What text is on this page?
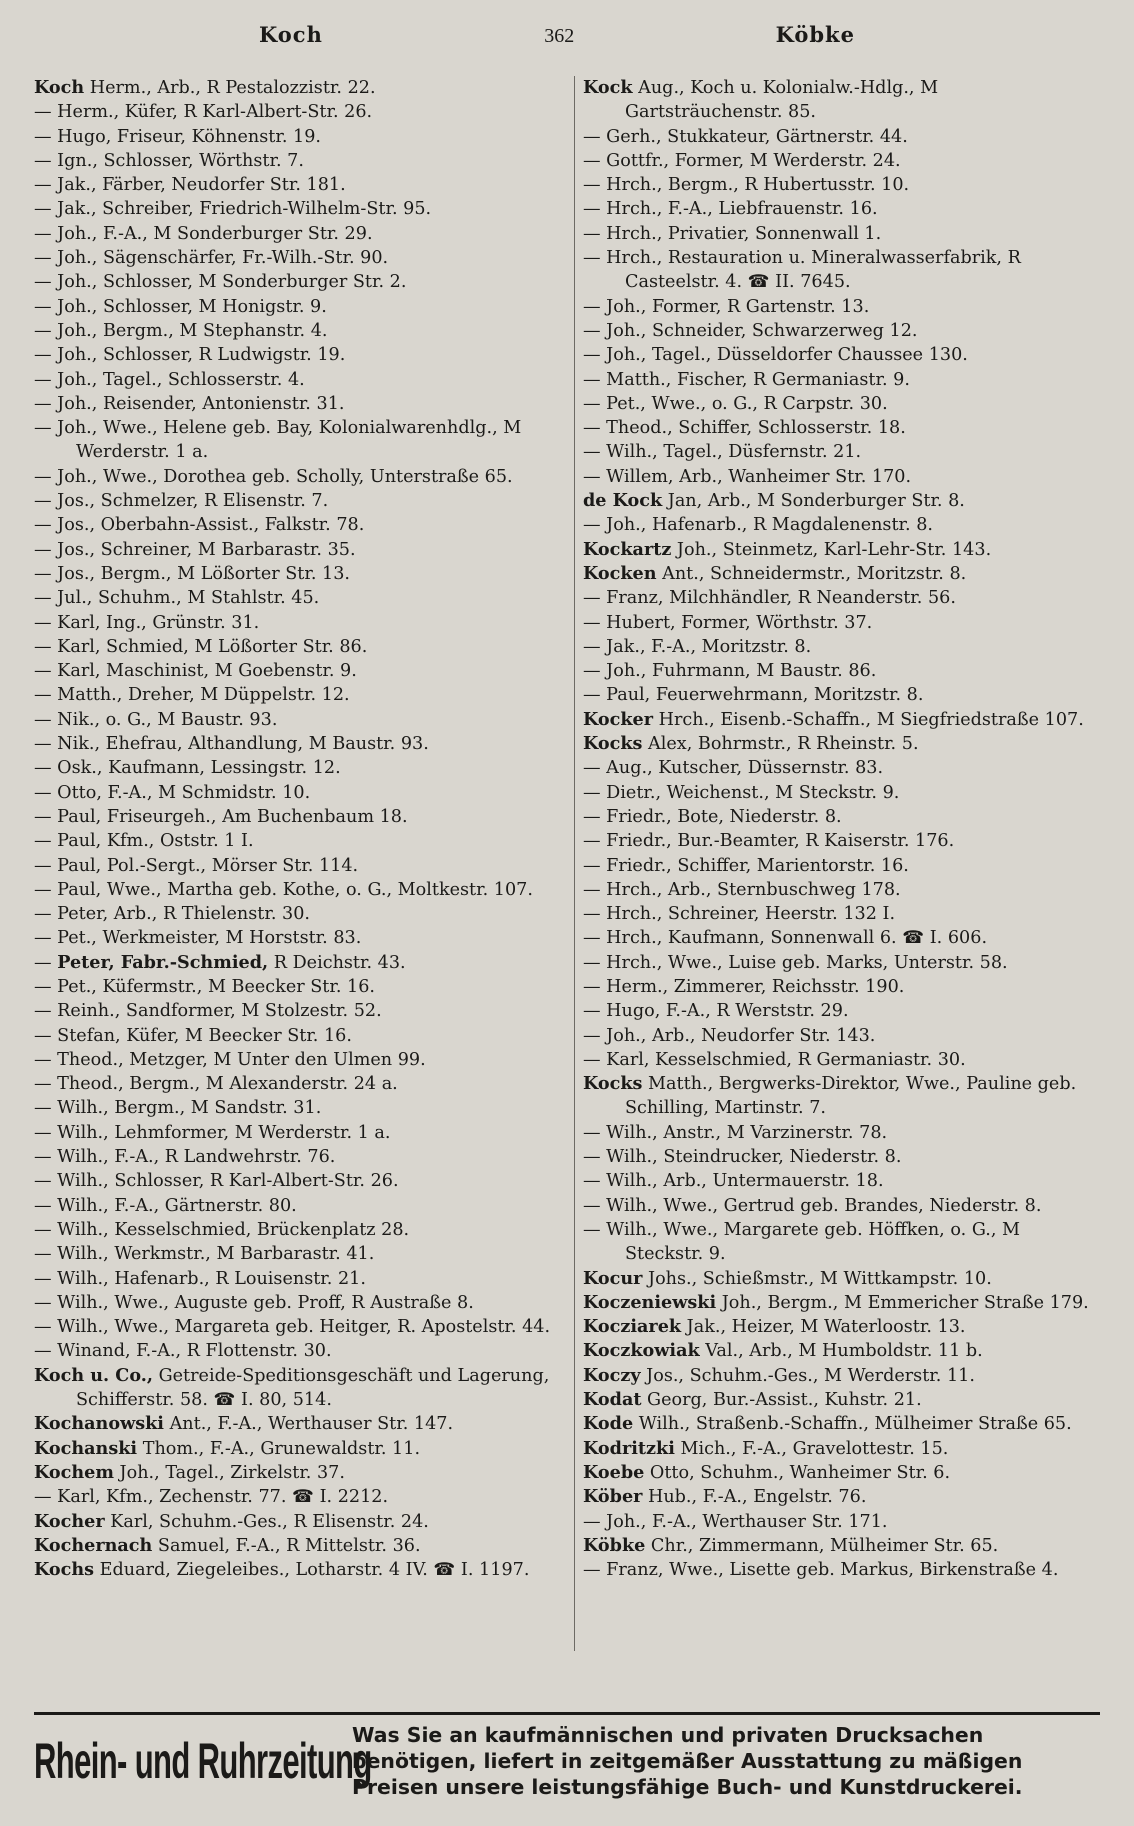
Koch	362	Köbke
Koch Herm., Arb., R Pestalozzistr. 22.
— Herm., Küfer, R Karl-Albert-Str. 26.
— Hugo, Friseur, Köhnenstr. 19.
— Ign., Schlosser, Wörthstr. 7.
— Jak., Färber, Neudorfer Str. 181.
— Jak., Schreiber, Friedrich-Wilhelm-Str. 95.
— Joh., F.-A., M Sonderburger Str. 29.
— Joh., Sägenschärfer, Fr.-Wilh.-Str. 90.
— Joh., Schlosser, M Sonderburger Str. 2.
— Joh., Schlosser, M Honigstr. 9.
— Joh., Bergm., M Stephanstr. 4.
— Joh., Schlosser, R Ludwigstr. 19.
— Joh., Tagel., Schlosserstr. 4.
— Joh., Reisender, Antonienstr. 31.
— Joh., Wwe., Helene geb. Bay, Kolonialwarenhdlg., M Werderstr. 1 a.
— Joh., Wwe., Dorothea geb. Scholly, Unterstraße 65.
— Jos., Schmelzer, R Elisenstr. 7.
— Jos., Oberbahn-Assist., Falkstr. 78.
— Jos., Schreiner, M Barbarastr. 35.
— Jos., Bergm., M Lößorter Str. 13.
— Jul., Schuhm., M Stahlstr. 45.
— Karl, Ing., Grünstr. 31.
— Karl, Schmied, M Lößorter Str. 86.
— Karl, Maschinist, M Goebenstr. 9.
— Matth., Dreher, M Düppelstr. 12.
— Nik., o. G., M Baustr. 93.
— Nik., Ehefrau, Althandlung, M Baustr. 93.
— Osk., Kaufmann, Lessingstr. 12.
— Otto, F.-A., M Schmidstr. 10.
— Paul, Friseurgeh., Am Buchenbaum 18.
— Paul, Kfm., Oststr. 1 I.
— Paul, Pol.-Sergt., Mörser Str. 114.
— Paul, Wwe., Martha geb. Kothe, o. G., Moltkestr. 107.
— Peter, Arb., R Thielenstr. 30.
— Pet., Werkmeister, M Horststr. 83.
— Peter, Fabr.-Schmied, R Deichstr. 43.
— Pet., Küfermstr., M Beecker Str. 16.
— Reinh., Sandformer, M Stolzestr. 52.
— Stefan, Küfer, M Beecker Str. 16.
— Theod., Metzger, M Unter den Ulmen 99.
— Theod., Bergm., M Alexanderstr. 24 a.
— Wilh., Bergm., M Sandstr. 31.
— Wilh., Lehmformer, M Werderstr. 1 a.
— Wilh., F.-A., R Landwehrstr. 76.
— Wilh., Schlosser, R Karl-Albert-Str. 26.
— Wilh., F.-A., Gärtnerstr. 80.
— Wilh., Kesselschmied, Brückenplatz 28.
— Wilh., Werkmstr., M Barbarastr. 41.
— Wilh., Hafenarb., R Louisenstr. 21.
— Wilh., Wwe., Auguste geb. Proff, R Austraße 8.
— Wilh., Wwe., Margareta geb. Heitger, R. Apostelstr. 44.
— Winand, F.-A., R Flottenstr. 30.
Koch u. Co., Getreide-Speditionsgeschäft und Lagerung, Schifferstr. 58. ☎ I. 80, 514.
Kochanowski Ant., F.-A., Werthauser Str. 147.
Kochanski Thom., F.-A., Grunewaldstr. 11.
Kochem Joh., Tagel., Zirkelstr. 37.
— Karl, Kfm., Zechenstr. 77. ☎ I. 2212.
Kocher Karl, Schuhm.-Ges., R Elisenstr. 24.
Kochernach Samuel, F.-A., R Mittelstr. 36.
Kochs Eduard, Ziegeleibes., Lotharstr. 4 IV. ☎ I. 1197.
Kock Aug., Koch u. Kolonialw.-Hdlg., M Gartsträuchenstr. 85.
— Gerh., Stukkateur, Gärtnerstr. 44.
— Gottfr., Former, M Werderstr. 24.
— Hrch., Bergm., R Hubertusstr. 10.
— Hrch., F.-A., Liebfrauenstr. 16.
— Hrch., Privatier, Sonnenwall 1.
— Hrch., Restauration u. Mineralwasserfabrik, R Casteelstr. 4. ☎ II. 7645.
— Joh., Former, R Gartenstr. 13.
— Joh., Schneider, Schwarzerweg 12.
— Joh., Tagel., Düsseldorfer Chaussee 130.
— Matth., Fischer, R Germaniastr. 9.
— Pet., Wwe., o. G., R Carpstr. 30.
— Theod., Schiffer, Schlosserstr. 18.
— Wilh., Tagel., Düsfernstr. 21.
— Willem, Arb., Wanheimer Str. 170.
de Kock Jan, Arb., M Sonderburger Str. 8.
— Joh., Hafenarb., R Magdalenenstr. 8.
Kockartz Joh., Steinmetz, Karl-Lehr-Str. 143.
Kocken Ant., Schneidermstr., Moritzstr. 8.
— Franz, Milchhändler, R Neanderstr. 56.
— Hubert, Former, Wörthstr. 37.
— Jak., F.-A., Moritzstr. 8.
— Joh., Fuhrmann, M Baustr. 86.
— Paul, Feuerwehrmann, Moritzstr. 8.
Kocker Hrch., Eisenb.-Schaffn., M Siegfriedstraße 107.
Kocks Alex, Bohrmstr., R Rheinstr. 5.
— Aug., Kutscher, Düssernstr. 83.
— Dietr., Weichenst., M Steckstr. 9.
— Friedr., Bote, Niederstr. 8.
— Friedr., Bur.-Beamter, R Kaiserstr. 176.
— Friedr., Schiffer, Marientorstr. 16.
— Hrch., Arb., Sternbuschweg 178.
— Hrch., Schreiner, Heerstr. 132 I.
— Hrch., Kaufmann, Sonnenwall 6. ☎ I. 606.
— Hrch., Wwe., Luise geb. Marks, Unterstr. 58.
— Herm., Zimmerer, Reichsstr. 190.
— Hugo, F.-A., R Werststr. 29.
— Joh., Arb., Neudorfer Str. 143.
— Karl, Kesselschmied, R Germaniastr. 30.
Kocks Matth., Bergwerks-Direktor, Wwe., Pauline geb. Schilling, Martinstr. 7.
— Wilh., Anstr., M Varzinerstr. 78.
— Wilh., Steindrucker, Niederstr. 8.
— Wilh., Arb., Untermauerstr. 18.
— Wilh., Wwe., Gertrud geb. Brandes, Niederstr. 8.
— Wilh., Wwe., Margarete geb. Höffken, o. G., M Steckstr. 9.
Kocur Johs., Schießmstr., M Wittkampstr. 10.
Koczeniewski Joh., Bergm., M Emmericher Straße 179.
Kocziarek Jak., Heizer, M Waterloostr. 13.
Koczkowiak Val., Arb., M Humboldstr. 11 b.
Koczy Jos., Schuhm.-Ges., M Werderstr. 11.
Kodat Georg, Bur.-Assist., Kuhstr. 21.
Kode Wilh., Straßenb.-Schaffn., Mülheimer Straße 65.
Kodritzki Mich., F.-A., Gravelottestr. 15.
Koebe Otto, Schuhm., Wanheimer Str. 6.
Köber Hub., F.-A., Engelstr. 76.
— Joh., F.-A., Werthauser Str. 171.
Köbke Chr., Zimmermann, Mülheimer Str. 65.
— Franz, Wwe., Lisette geb. Markus, Birkenstraße 4.
Rhein- und Ruhrzeitung
Was Sie an kaufmännischen und privaten Drucksachen benötigen, liefert in zeitgemäßer Ausstattung zu mäßigen Preisen unsere leistungsfähige Buch- und Kunstdruckerei.
